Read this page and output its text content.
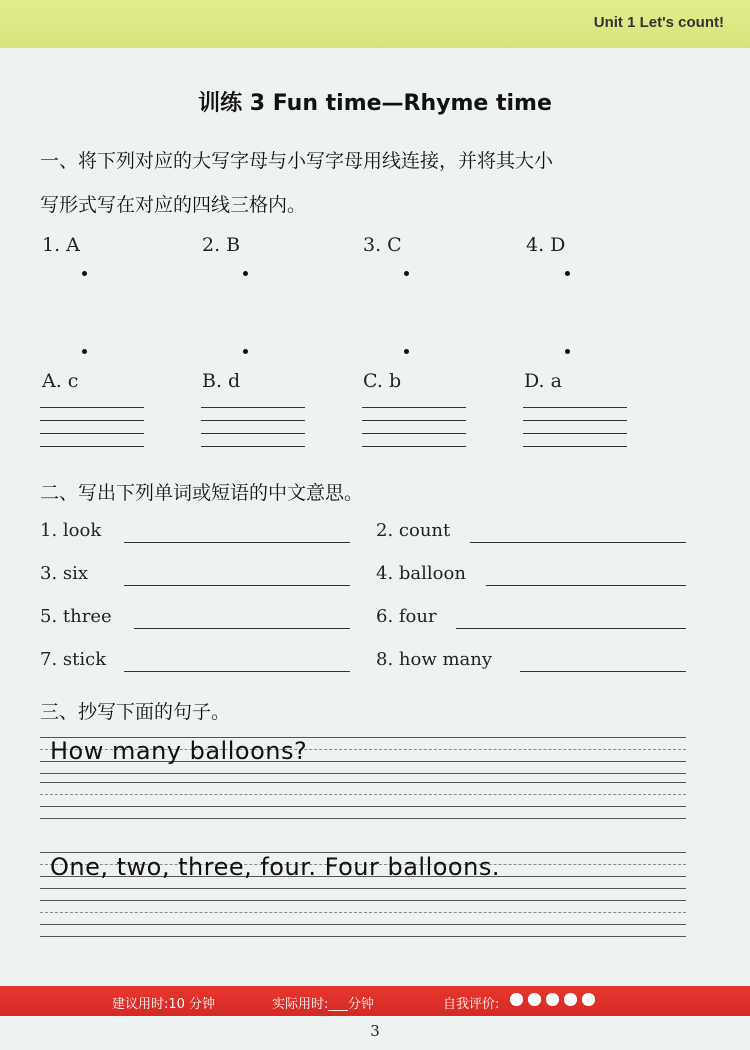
Unit 1 Let's count!
训练 3 Fun time—Rhyme time
一、将下列对应的大写字母与小写字母用线连接，并将其大小
写形式写在对应的四线三格内。
1. A	2. B	3. C	4. D
A. c	B. d	C. b	D. a
二、写出下列单词或短语的中文意思。
1. look	2. count
3. six	4. balloon
5. three	6. four
7. stick	8. how many
三、抄写下面的句子。
How many balloons?
One, two, three, four. Four balloons.
建议用时:10 分钟	实际用时:___分钟	自我评价:
3
